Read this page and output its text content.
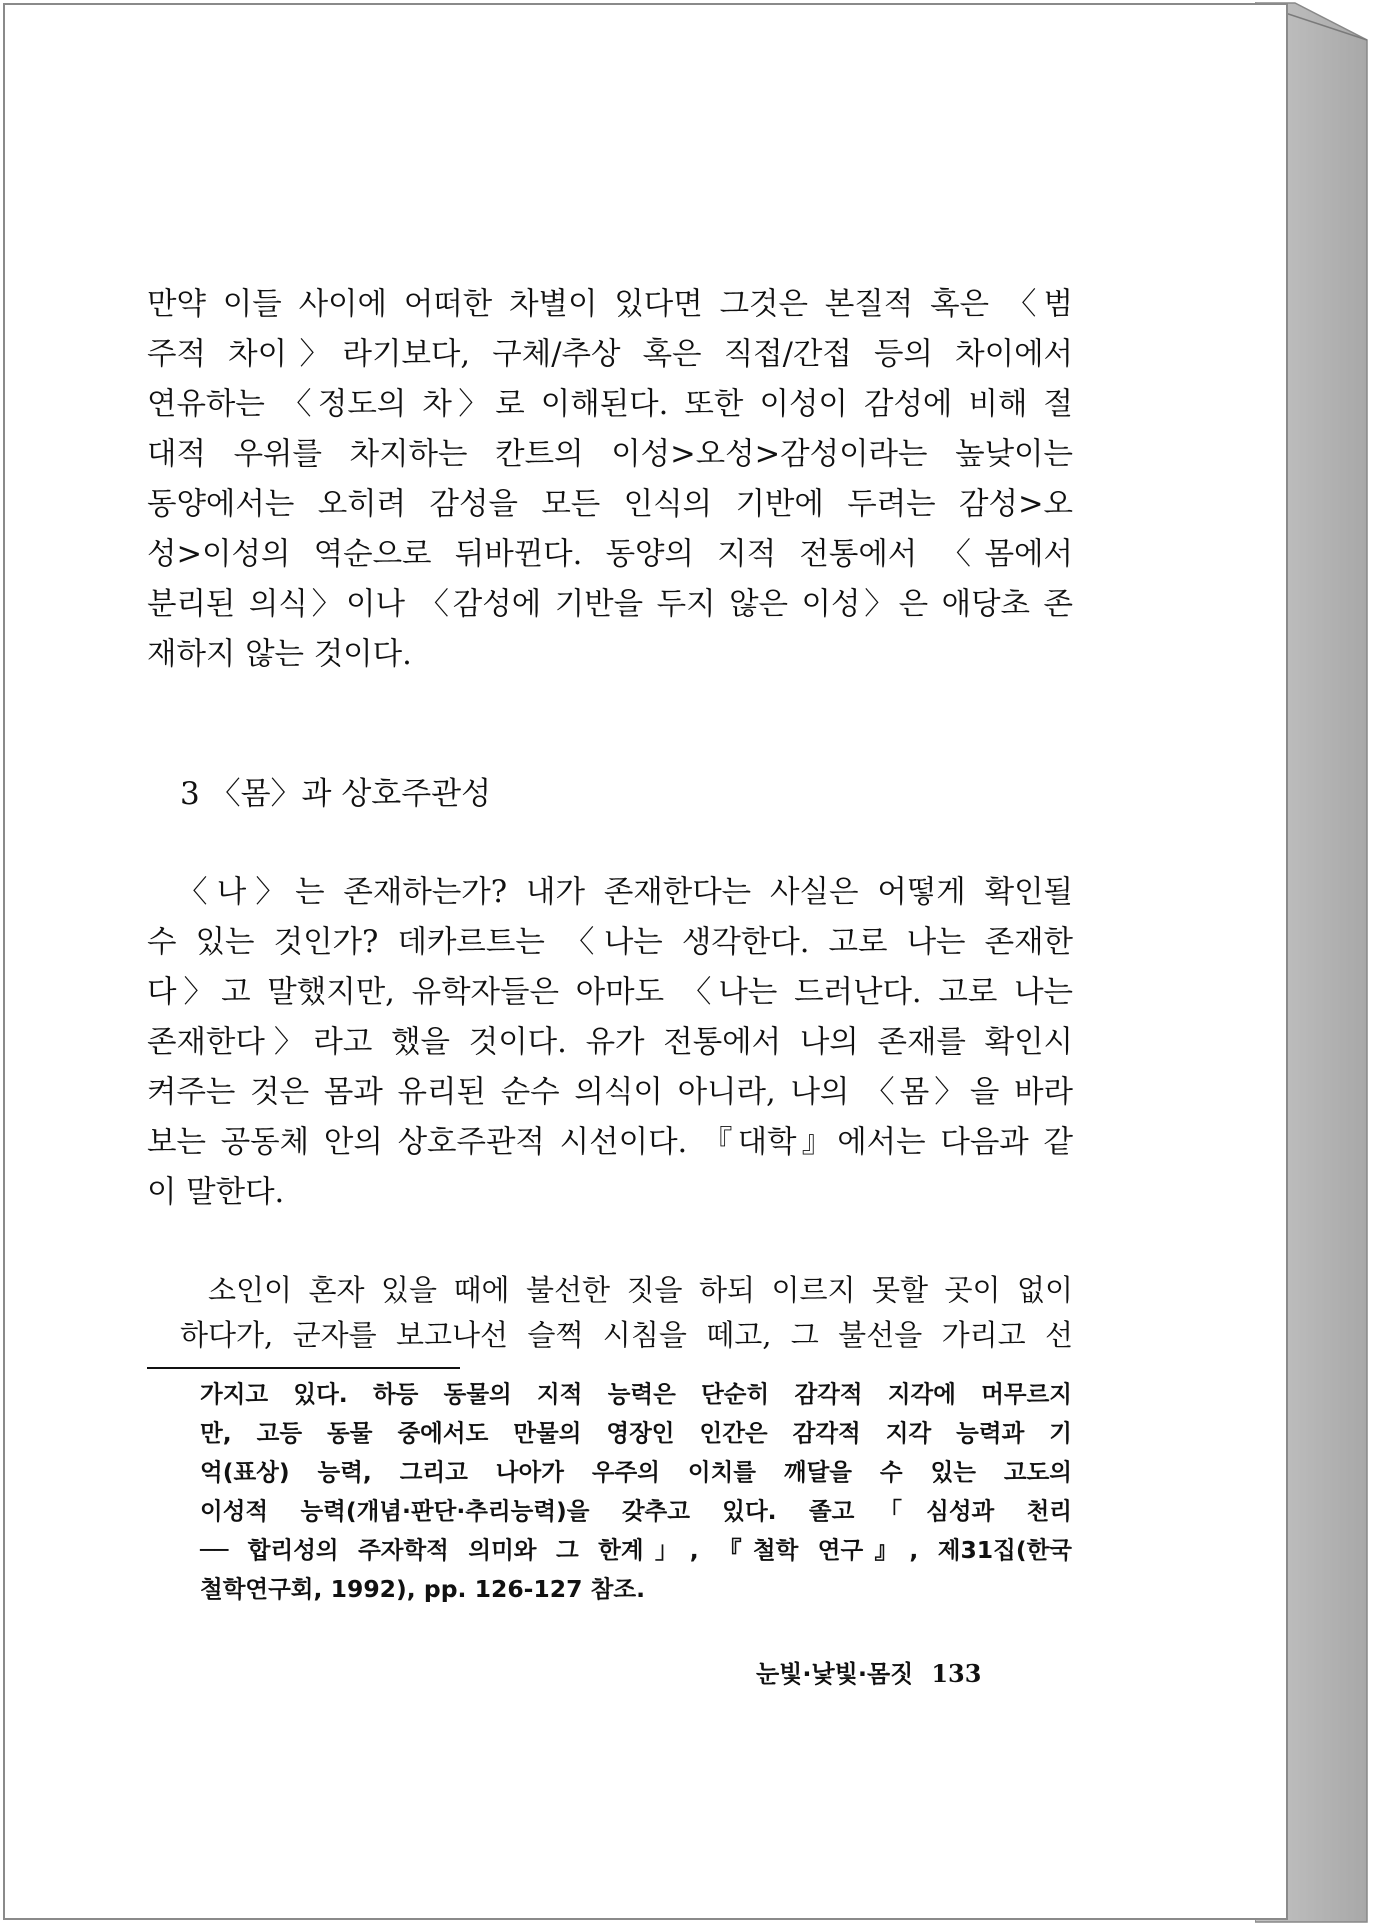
만약 이들 사이에 어떠한 차별이 있다면 그것은 본질적 혹은 〈범
주적 차이〉라기보다, 구체/추상 혹은 직접/간접 등의 차이에서
연유하는 〈정도의 차〉로 이해된다. 또한 이성이 감성에 비해 절
대적 우위를 차지하는 칸트의 이성>오성>감성이라는 높낮이는
동양에서는 오히려 감성을 모든 인식의 기반에 두려는 감성>오
성>이성의 역순으로 뒤바뀐다. 동양의 지적 전통에서 〈몸에서
분리된 의식〉이나 〈감성에 기반을 두지 않은 이성〉은 애당초 존
재하지 않는 것이다.
3 〈몸〉과 상호주관성
〈나〉는 존재하는가? 내가 존재한다는 사실은 어떻게 확인될
수 있는 것인가? 데카르트는 〈나는 생각한다. 고로 나는 존재한
다〉고 말했지만, 유학자들은 아마도 〈나는 드러난다. 고로 나는
존재한다〉라고 했을 것이다. 유가 전통에서 나의 존재를 확인시
켜주는 것은 몸과 유리된 순수 의식이 아니라, 나의 〈몸〉을 바라
보는 공동체 안의 상호주관적 시선이다. 『대학』에서는 다음과 같
이 말한다.
소인이 혼자 있을 때에 불선한 짓을 하되 이르지 못할 곳이 없이
하다가, 군자를 보고나선 슬쩍 시침을 떼고, 그 불선을 가리고 선
가지고 있다. 하등 동물의 지적 능력은 단순히 감각적 지각에 머무르지
만, 고등 동물 중에서도 만물의 영장인 인간은 감각적 지각 능력과 기
억(표상) 능력, 그리고 나아가 우주의 이치를 깨달을 수 있는 고도의
이성적 능력(개념·판단·추리능력)을 갖추고 있다. 졸고「심성과 천리
── 합리성의 주자학적 의미와 그 한계」, 『철학 연구』, 제31집(한국
철학연구회, 1992), pp. 126-127 참조.
눈빛·낯빛·몸짓 133
